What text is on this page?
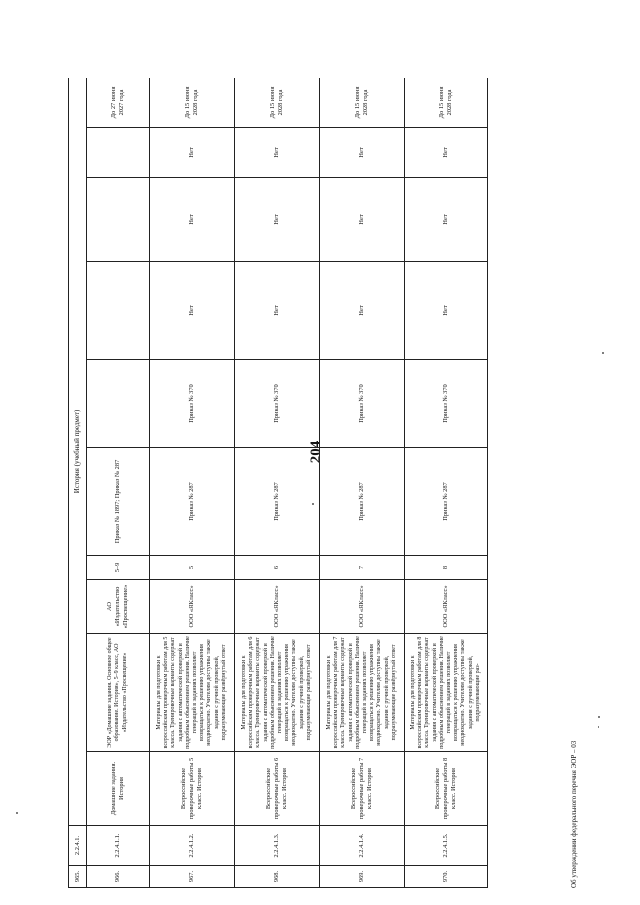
204
965.	2.2.4.1.	История (учебный предмет)									
966.	2.2.4.1.1.	Домашние задания. История	ЭОР «Домашние задания. Основное общее образование. История», 5–9 класс, АО «Издательство «Просвещение»	АО «Издательство «Просвещение»	5–9	Приказ № 1897; Приказ № 287					До 27 июня 2027 года
967.	2.2.4.1.2.	Всероссийские проверочные работы 5 класс. История	Материалы для подготовки к всероссийским проверочным работам для 5 класса. Тренировочные варианты содержат задания с автоматической проверкой и подробным объяснением решения. Наличие генераций в заданиях позволяет возвращаться к решению упражнения неоднократно. Учителям доступны также задания с ручной проверкой, подразумевающие развёрнутый ответ	ООО «ЯКласс»	5	Приказ № 287	Приказ № 370	Нет	Нет	Нет	До 15 июня 2028 года
968.	2.2.4.1.3.	Всероссийские проверочные работы 6 класс. История	Материалы для подготовки к всероссийским проверочным работам для 6 класса. Тренировочные варианты содержат задания с автоматической проверкой и подробным объяснением решения. Наличие генераций в заданиях позволяет возвращаться к решению упражнения неоднократно. Учителям доступны также задания с ручной проверкой, подразумевающие развёрнутый ответ	ООО «ЯКласс»	6	Приказ № 287	Приказ № 370	Нет	Нет	Нет	До 15 июня 2028 года
969.	2.2.4.1.4.	Всероссийские проверочные работы 7 класс. История	Материалы для подготовки к всероссийским проверочным работам для 7 класса. Тренировочные варианты содержат задания с автоматической проверкой и подробным объяснением решения. Наличие генераций в заданиях позволяет возвращаться к решению упражнения неоднократно. Учителям доступны также задания с ручной проверкой, подразумевающие развёрнутый ответ	ООО «ЯКласс»	7	Приказ № 287	Приказ № 370	Нет	Нет	Нет	До 15 июня 2028 года
970.	2.2.4.1.5.	Всероссийские проверочные работы 8 класс. История	Материалы для подготовки к всероссийским проверочным работам для 8 класса. Тренировочные варианты содержат задания с автоматической проверкой и подробным объяснением решения. Наличие генераций в заданиях позволяет возвращаться к решению упражнения неоднократно. Учителям доступны также задания с ручной проверкой, подразумевающие раз-	ООО «ЯКласс»	8	Приказ № 287	Приказ № 370	Нет	Нет	Нет	До 15 июня 2028 года
Об утверждении федерального перечня ЭОР – 03
